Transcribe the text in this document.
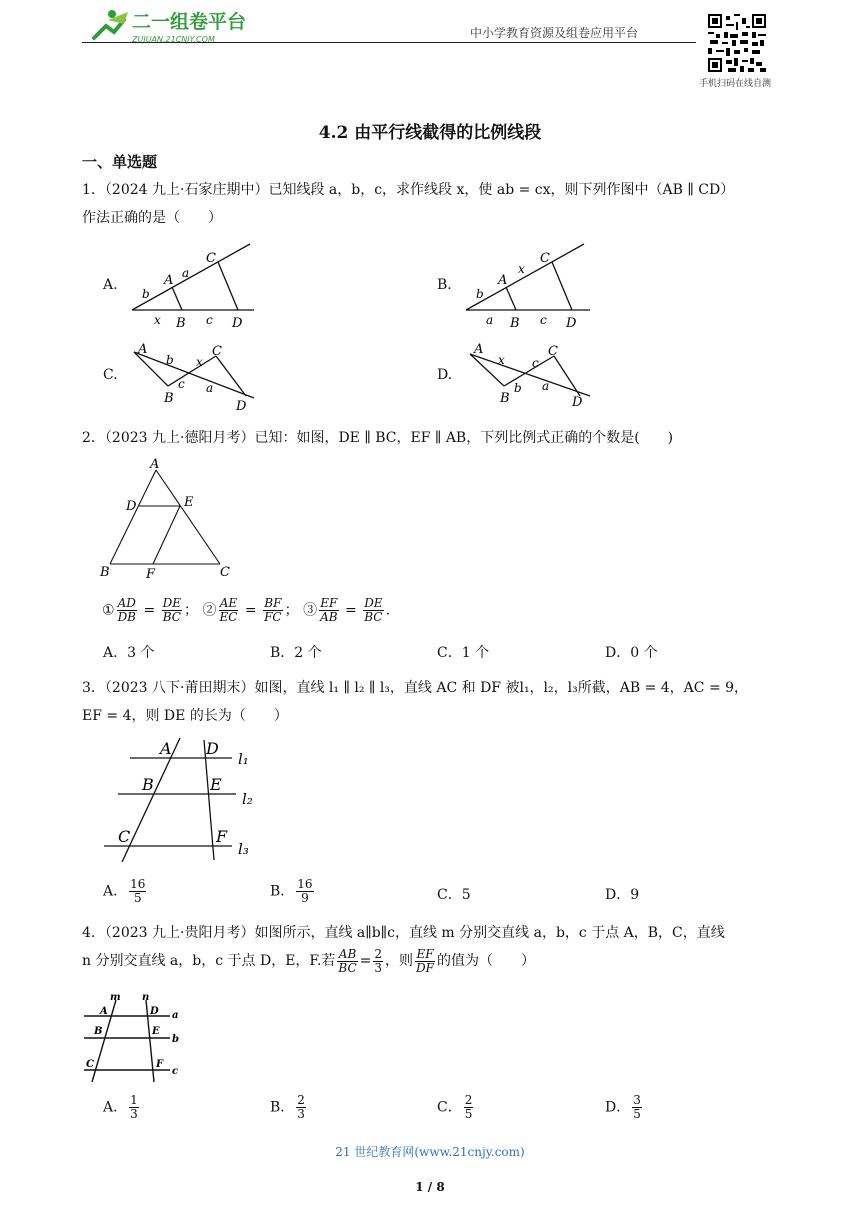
二一组卷平台
ZUJUAN.21CNJY.COM	中小学教育资源及组卷应用平台
手机扫码在线自测
4.2 由平行线截得的比例线段
一、单选题
1．（2024 九上·石家庄期中）已知线段 a，b，c，求作线段 x，使 ab = cx，则下列作图中（AB ∥ CD）
作法正确的是（　　）
A.	A
C
B	D
b
a
x	c
B.	A
C
B	D
b
x
a	c
C.
A	C
B
D
b x
c a
D.
A	C
B	D
x c
b a
2．（2023 九上·德阳月考）已知：如图，DE ∥ BC，EF ∥ AB，下列比例式正确的个数是(　　)
A
D	E
B	F	C
① $\frac{AD}{DB} = \frac{DE}{BC}$ ； ② $\frac{AE}{EC} = \frac{BF}{FC}$ ； ③ $\frac{EF}{AB} = \frac{DE}{BC}$ .
A．3 个	B．2 个	C．1 个	D．0 个
3．（2023 八下·莆田期末）如图，直线 l₁ ∥ l₂ ∥ l₃，直线 AC 和 DF 被l₁，l₂，l₃所截，AB = 4，AC = 9，
EF = 4，则 DE 的长为（　　）
A D
l₁
B	E
l₂
C	F
l₃
A． $\frac{16}{5}$	B． $\frac{16}{9}$	C．5	D．9
4．（2023 九上·贵阳月考）如图所示，直线 a∥b∥c，直线 m 分别交直线 a，b，c 于点 A，B，C，直线
n 分别交直线 a，b，c 于点 D，E，F.若 $\frac{AB}{BC} = \frac{2}{3}$ ，则 $\frac{EF}{DF}$ 的值为（　　）
m n
A	D a
B	E
b
C	F
c
A． $\frac{1}{3}$	B． $\frac{2}{3}$	C． $\frac{2}{5}$	D． $\frac{3}{5}$
21 世纪教育网(www.21cnjy.com)
1 / 8
